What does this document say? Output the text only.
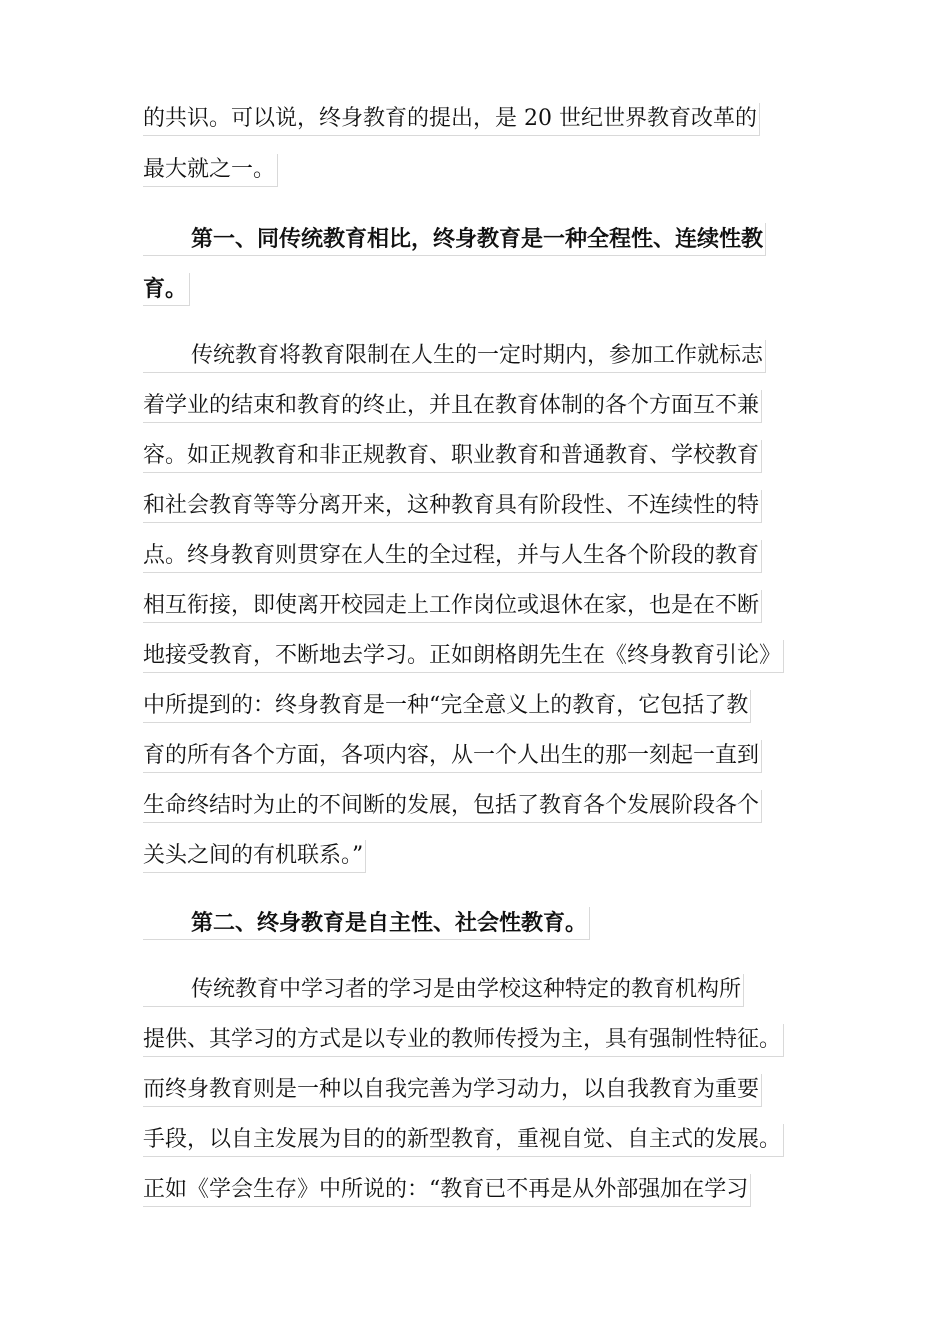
的共识。可以说，终身教育的提出，是 20 世纪世界教育改革的
最大就之一。
第一、同传统教育相比，终身教育是一种全程性、连续性教
育。
传统教育将教育限制在人生的一定时期内，参加工作就标志
着学业的结束和教育的终止，并且在教育体制的各个方面互不兼
容。如正规教育和非正规教育、职业教育和普通教育、学校教育
和社会教育等等分离开来，这种教育具有阶段性、不连续性的特
点。终身教育则贯穿在人生的全过程，并与人生各个阶段的教育
相互衔接，即使离开校园走上工作岗位或退休在家，也是在不断
地接受教育，不断地去学习。正如朗格朗先生在《终身教育引论》
中所提到的：终身教育是一种“完全意义上的教育，它包括了教
育的所有各个方面，各项内容，从一个人出生的那一刻起一直到
生命终结时为止的不间断的发展，包括了教育各个发展阶段各个
关头之间的有机联系。”
第二、终身教育是自主性、社会性教育。
传统教育中学习者的学习是由学校这种特定的教育机构所
提供、其学习的方式是以专业的教师传授为主，具有强制性特征。
而终身教育则是一种以自我完善为学习动力，以自我教育为重要
手段，以自主发展为目的的新型教育，重视自觉、自主式的发展。
正如《学会生存》中所说的：“教育已不再是从外部强加在学习
